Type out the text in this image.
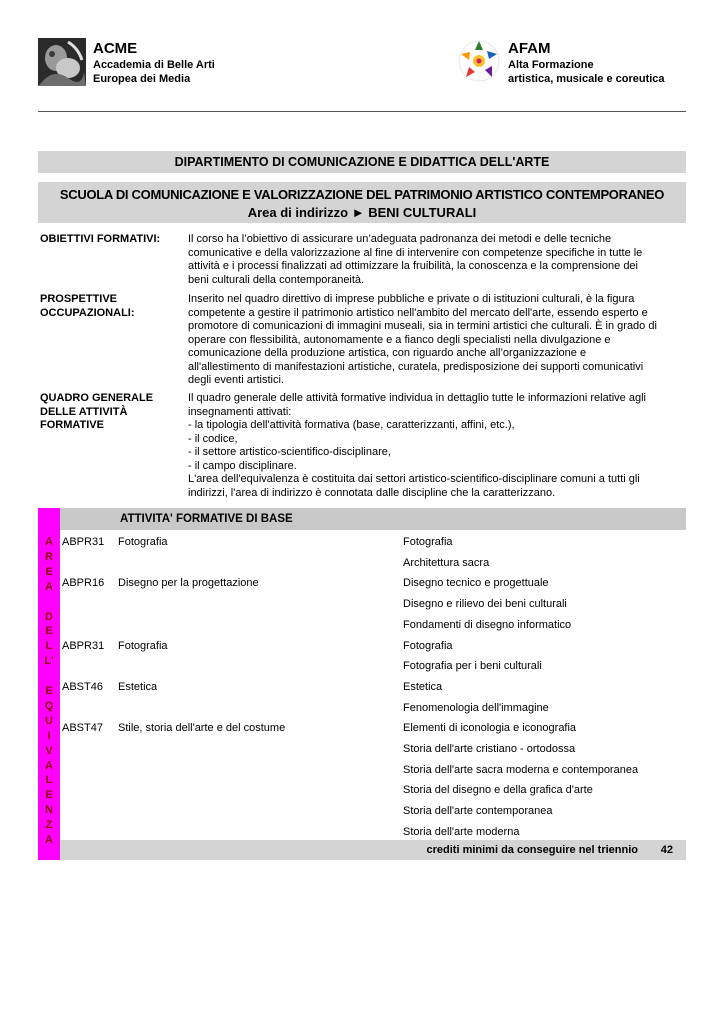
ACME
Accademia di Belle Arti
Europea dei Media
AFAM
Alta Formazione
artistica, musicale e coreutica
DIPARTIMENTO DI COMUNICAZIONE E DIDATTICA DELL'ARTE
SCUOLA DI COMUNICAZIONE E VALORIZZAZIONE DEL PATRIMONIO ARTISTICO CONTEMPORANEO
Area di indirizzo ► BENI CULTURALI
OBIETTIVI FORMATIVI:	Il corso ha l’obiettivo di assicurare un’adeguata padronanza dei metodi e delle tecniche
comunicative e della valorizzazione al fine di intervenire con competenze specifiche in tutte le
attività e i processi finalizzati ad ottimizzare la fruibilità, la conoscenza e la comprensione dei
beni culturali della contemporaneità.
PROSPETTIVE
OCCUPAZIONALI:
Inserito nel quadro direttivo di imprese pubbliche e private o di istituzioni culturali, è la figura
competente a gestire il patrimonio artistico nell'ambito del mercato dell'arte, essendo esperto e
promotore di comunicazioni di immagini museali, sia in termini artistici che culturali. È in grado di
operare con flessibilità, autonomamente e a fianco degli specialisti nella divulgazione e
comunicazione della produzione artistica, con riguardo anche all’organizzazione e
all'allestimento di manifestazioni artistiche, curatela, predisposizione dei supporti comunicativi
degli eventi artistici.
QUADRO GENERALE
DELLE ATTIVITÀ
FORMATIVE
Il quadro generale delle attività formative individua in dettaglio tutte le informazioni relative agli
insegnamenti attivati:
- la tipologia dell'attività formativa (base, caratterizzanti, affini, etc.),
- il codice,
- il settore artistico-scientifico-disciplinare,
- il campo disciplinare.
L'area dell'equivalenza è costituita dai settori artistico-scientifico-disciplinare comuni a tutti gli
indirizzi, l'area di indirizzo è connotata dalle discipline che la caratterizzano.
A
R
E
A
D
E
L
L'
E
Q
U
I
V
A
L
E
N
Z
A
ATTIVITA' FORMATIVE DI BASE
ABPR31 Fotografia	Fotografia
Architettura sacra
ABPR16 Disegno per la progettazione	Disegno tecnico e progettuale
Disegno e rilievo dei beni culturali
Fondamenti di disegno informatico
ABPR31 Fotografia	Fotografia
Fotografia per i beni culturali
ABST46 Estetica	Estetica
Fenomenologia dell'immagine
ABST47 Stile, storia dell'arte e del costume	Elementi di iconologia e iconografia
Storia dell'arte cristiano - ortodossa
Storia dell'arte sacra moderna e contemporanea
Storia del disegno e della grafica d'arte
Storia dell'arte contemporanea
Storia dell'arte moderna
crediti minimi da conseguire nel triennio 42
